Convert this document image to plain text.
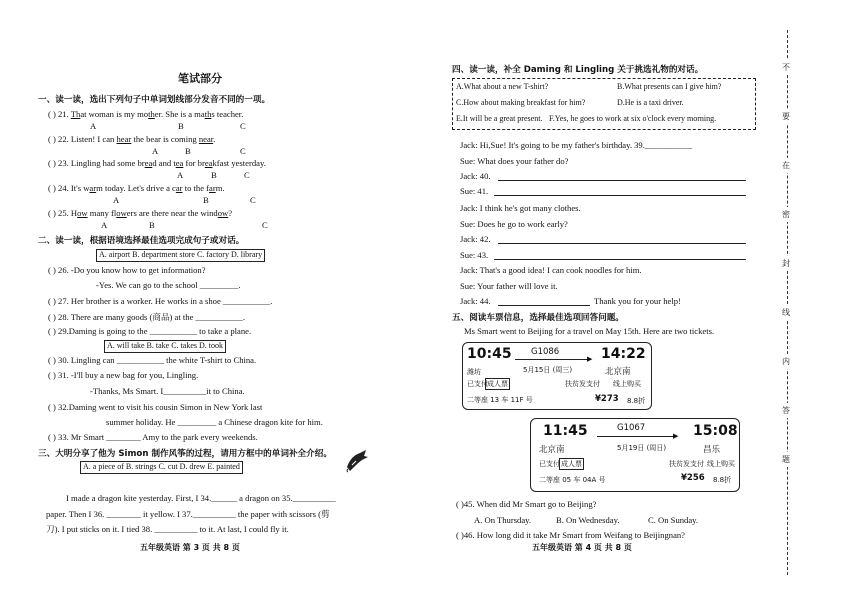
笔试部分
一、读一读，选出下列句子中单词划线部分发音不同的一项。
( ) 21. That woman is my mother. She is a maths teacher.
A	B	C
( ) 22. Listen! I can hear the bear is coming near.
A	B	C
( ) 23. Lingling had some bread and tea for breakfast yesterday.
A	B	C
( ) 24. It's warm today. Let's drive a car to the farm.
A	B	C
( ) 25. How many flowers are there near the window?
A	B	C
二、读一读，根据语境选择最佳选项完成句子或对话。
A. airport B. department store C. factory D. library
( ) 26. -Do you know how to get information?
-Yes. We can go to the school _________.
( ) 27. Her brother is a worker. He works in a shoe ___________.
( ) 28. There are many goods (商品) at the ___________.
( ) 29.Daming is going to the ___________ to take a plane.
A. will take B. take C. takes D. took
( ) 30. Lingling can ___________ the white T-shirt to China.
( ) 31. -I'll buy a new bag for you, Lingling.
-Thanks, Ms Smart. I__________it to China.
( ) 32.Daming went to visit his cousin Simon in New York last
summer holiday. He _________ a Chinese dragon kite for him.
( ) 33. Mr Smart ________ Amy to the park every weekends.
三、大明分享了他为 Simon 制作风筝的过程，请用方框中的单词补全介绍。
A. a piece of B. strings C. cut D. drew E. painted
I made a dragon kite yesterday. First, I 34.______ a dragon on 35.__________
paper. Then I 36. ________ it yellow. I 37.__________ the paper with scissors (剪
刀). I put sticks on it. I tied 38. __________ to it. At last, I could fly it.
五年级英语 第 3 页 共 8 页
四、读一读，补全 Daming 和 Lingling 关于挑选礼物的对话。
A.What about a new T-shirt?	B.What presents can I give him?
C.How about making breakfast for him?	D.He is a taxi driver.
E.It will be a great present. F.Yes, he goes to work at six o'clock every morning.
Jack: Hi,Sue! It's going to be my father's birthday. 39.___________
Sue: What does your father do?
Jack: 40.
Sue: 41.
Jack: I think he's got many clothes.
Sue: Does he go to work early?
Jack: 42.
Sue: 43.
Jack: That's a good idea! I can cook noodles for him.
Sue: Your father will love it.
Jack: 44.	Thank you for your help!
五、阅读车票信息，选择最佳选项回答问题。
Ms Smart went to Beijing for a travel on May 15th. Here are two tickets.
10:45 G1086
▶ 14:22
潍坊	5月15日 (周三)	北京南
已支付 成人票	扶贫发支付 线上购买
二等座 13 车 11F 号	¥273 8.8折
11:45	G1067
▶ 15:08
北京南	5月19日 (周日)	昌乐
已支付 成人票	扶贫发支付 线上购买
二等座 05 车 04A 号	¥256 8.8折
( )45. When did Mr Smart go to Beijing?
A. On Thursday.	B. On Wednesday.	C. On Sunday.
( )46. How long did it take Mr Smart from Weifang to Beijingnan?
五年级英语 第 4 页 共 8 页
不
要
在
密
封
线
内
答
题
